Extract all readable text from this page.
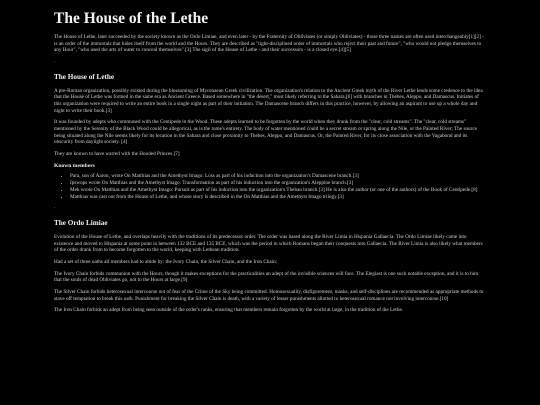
The House of the Lethe

The House of Lethe, later succeeded by the society known as the Ordo Limiae, and even later - by the Fraternity of Obliviates (or simply Obliviates) - those three names are often used interchangeably[1][2] - is an order of the immortals that hides itself from the world and the Hours. They are described as "tight-disciplined order of immortals who reject their past and future", "who would not pledge themselves to any Hour", "who used the arts of water to conceal themselves".[3] The sigil of the House of Lethe - and their successors - is a closed eye.[4][5]

.
The House of Lethe

A pre-Roman organization, possibly existed during the blossoming of Mycenaean Greek civilization. The organization's relation to the Ancient Greek myth of the River Lethe lends some credence to the idea that the House of Lethe was formed in the same era as Ancient Greece. Based somewhere in "the desert," most likely referring to the Sahara,[6] with branches in Thebes, Aleppo, and Damascus. Initiates of this organization were required to write an entire book in a single night as part of their initiation. The Damascene branch differs in this practice, however, by allowing an aspirant to use up a whole day and night to write their book.[3]

It was founded by adepts who communed with the Centipede in the Wood. These adepts learned to be forgotten by the world when they drank from the "clear, cold streams". The "clear, cold streams" mentioned by the Serenity of the Black Wood could be allegorical, as is the tome's entirety. The body of water mentioned could be a secret stream or spring along the Nile, or the Painted River; The source being situated along the Nile seems likely for its location in the Sahara and close proximity to Thebes, Aleppo, and Damascus. Or, the Painted River, for its close association with the Vagabond and its obscurity from daylight society. [4]

They are known to have warred with the Hooded Princes.[7]

Known members
• Para, son of Aaron, wrote On Matthias and the Amethyst Imago: Loss as part of his induction into the organization's Damascene branch.[3]
• Ipswops wrote On Matthias and the Amethyst Imago: Transformation as part of his induction into the organization's Aleppine branch.[3]
• Mek wrote On Matthias and the Amethyst Imago: Pursuit as part of his induction into the organization's Theban branch.[3] He is also the author (or one of the authors) of the Book of Centipede.[8]
• Matthias was cast out from the House of Lethe, and whose story is described in the On Matthias and the Amethyst Imago trilogy.[3]
.
The Ordo Limiae

Evolution of the House of Lethe, and overlaps heavily with the traditions of its predecessor order. The order was based along the River Limia in Hispania Gallaecia. The Ordo Limiae likely came into existence and moved to Hispania at some point in between 132 BCE and 135 BCE, which was the period in which Romans began their conquests into Gallaecia. The River Limia is also likely what members of the order drank from to become forgotten to the world, keeping with Lethean tradition.

Had a set of three oaths all members had to abide by: the Ivory Chain, the Silver Chain, and the Iron Chain:

The Ivory Chain forbids communion with the Hours, though it makes exceptions for the practicalities an adept of the invisible sciences will face. The Elegiast is one such notable exception, and it is to him that the souls of dead Obliviates go, not to the Hours at large.[9]

The Silver Chain forbids heterosexual intercourse out of fear of the Crime of the Sky being committed. Homosexuality, disfigurement, masks, and self-disciplines are recommended as appropriate methods to stave off temptation to break this oath. Punishment for breaking the Silver Chain is death, with a variety of lesser punishments allotted to heterosexual romance not involving intercourse.[10]

The Iron Chain forbids an adept from being seen outside of the order's ranks, ensuring that members remain forgotten by the world at large, in the tradition of the Lethe.
